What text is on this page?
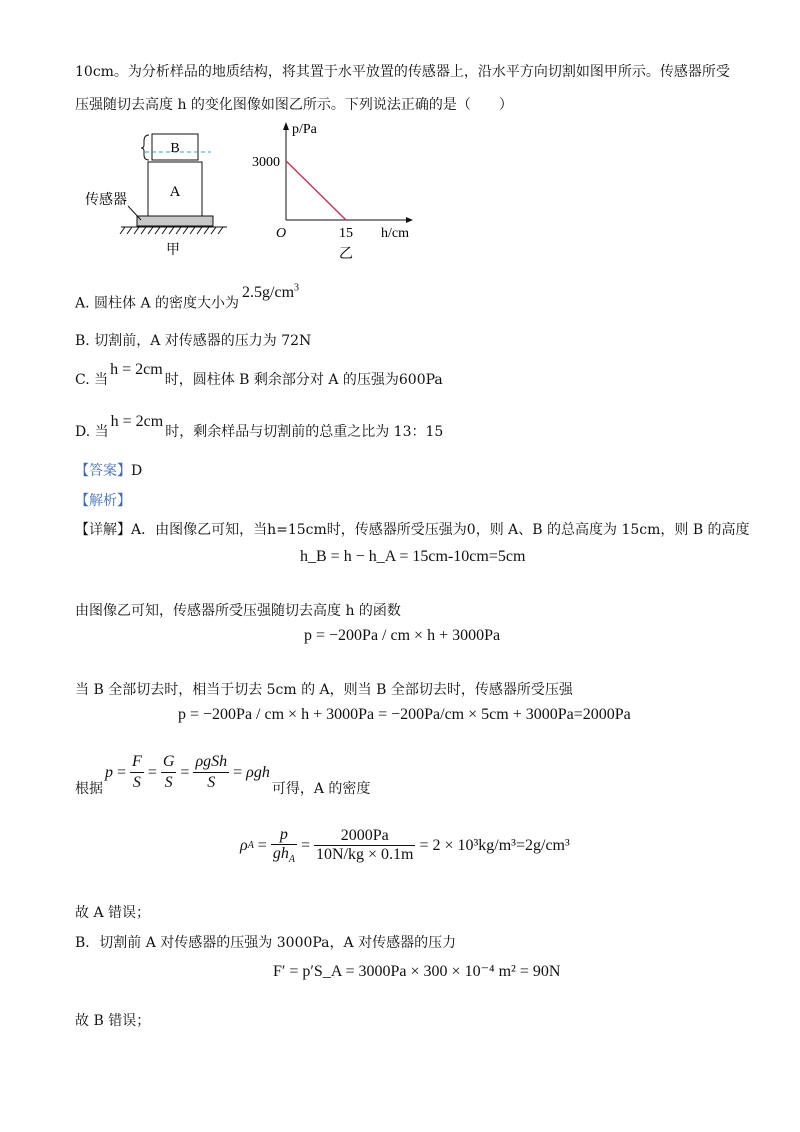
10cm。为分析样品的地质结构，将其置于水平放置的传感器上，沿水平方向切割如图甲所示。传感器所受
压强随切去高度 h 的变化图像如图乙所示。下列说法正确的是（　　）
B
A
传感器
甲
p/Pa
h/cm
O
3000
15
乙
A. 圆柱体 A 的密度大小为$2.5g/cm^3$
B. 切割前，A 对传感器的压力为 72N
C. 当h = 2cm时，圆柱体 B 剩余部分对 A 的压强为600Pa
D. 当h = 2cm时，剩余样品与切割前的总重之比为 13：15
【答案】D
【解析】
【详解】A．由图像乙可知，当h=15cm时，传感器所受压强为0，则 A、B 的总高度为 15cm，则 B 的高度
h_B = h − h_A = 15cm-10cm=5cm
由图像乙可知，传感器所受压强随切去高度 h 的函数
p = −200Pa / cm × h + 3000Pa
当 B 全部切去时，相当于切去 5cm 的 A，则当 B 全部切去时，传感器所受压强
p = −200Pa / cm × h + 3000Pa = −200Pa/cm × 5cm + 3000Pa=2000Pa
根据
$p = \frac{F}{S} = \frac{G}{S} = \frac{\text{ρgSh}}{S} = \rho gh$
可得，A 的密度
ρ $A = \frac{p}{gh_A} = \frac{2000Pa}{10N/kg \times 0.1m}$
= 2 × 10³kg/m³=2g/cm³
故 A 错误；
B．切割前 A 对传感器的压强为 3000Pa，A 对传感器的压力
F′ = p′S_A = 3000Pa × 300 × 10⁻⁴ m² = 90N
故 B 错误；
